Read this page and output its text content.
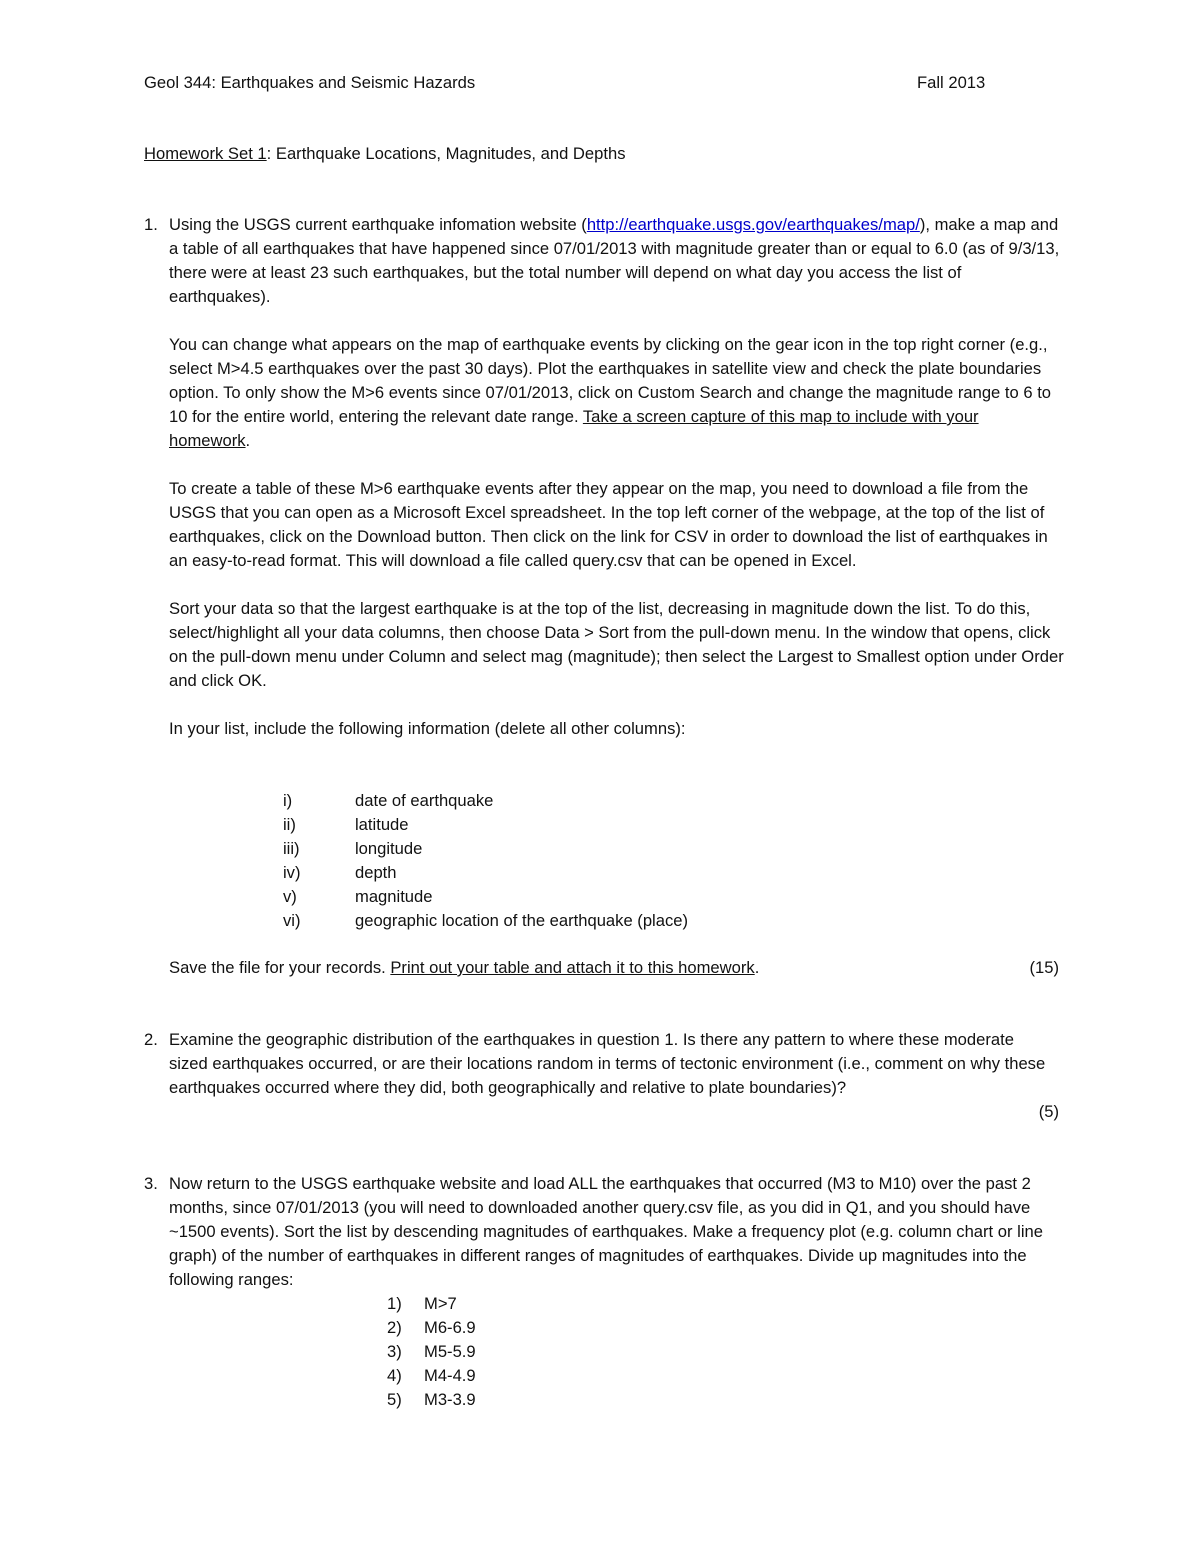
Geol 344: Earthquakes and Seismic Hazards	Fall 2013
Homework Set 1: Earthquake Locations, Magnitudes, and Depths
1. Using the USGS current earthquake infomation website (http://earthquake.usgs.gov/earthquakes/map/), make a map and a table of all earthquakes that have happened since 07/01/2013 with magnitude greater than or equal to 6.0 (as of 9/3/13, there were at least 23 such earthquakes, but the total number will depend on what day you access the list of earthquakes).
You can change what appears on the map of earthquake events by clicking on the gear icon in the top right corner (e.g., select M>4.5 earthquakes over the past 30 days). Plot the earthquakes in satellite view and check the plate boundaries option. To only show the M>6 events since 07/01/2013, click on Custom Search and change the magnitude range to 6 to 10 for the entire world, entering the relevant date range. Take a screen capture of this map to include with your homework.
To create a table of these M>6 earthquake events after they appear on the map, you need to download a file from the USGS that you can open as a Microsoft Excel spreadsheet. In the top left corner of the webpage, at the top of the list of earthquakes, click on the Download button. Then click on the link for CSV in order to download the list of earthquakes in an easy-to-read format. This will download a file called query.csv that can be opened in Excel.
Sort your data so that the largest earthquake is at the top of the list, decreasing in magnitude down the list. To do this, select/highlight all your data columns, then choose Data > Sort from the pull-down menu. In the window that opens, click on the pull-down menu under Column and select mag (magnitude); then select the Largest to Smallest option under Order and click OK.
In your list, include the following information (delete all other columns):
i)	date of earthquake
ii)	latitude
iii)	longitude
iv)	depth
v)	magnitude
vi)	geographic location of the earthquake (place)
Save the file for your records. Print out your table and attach it to this homework.	(15)
2. Examine the geographic distribution of the earthquakes in question 1. Is there any pattern to where these moderate sized earthquakes occurred, or are their locations random in terms of tectonic environment (i.e., comment on why these earthquakes occurred where they did, both geographically and relative to plate boundaries)?
(5)
3. Now return to the USGS earthquake website and load ALL the earthquakes that occurred (M3 to M10) over the past 2 months, since 07/01/2013 (you will need to downloaded another query.csv file, as you did in Q1, and you should have ~1500 events). Sort the list by descending magnitudes of earthquakes. Make a frequency plot (e.g. column chart or line graph) of the number of earthquakes in different ranges of magnitudes of earthquakes. Divide up magnitudes into the following ranges:
1) M>7
2) M6-6.9
3) M5-5.9
4) M4-4.9
5) M3-3.9
